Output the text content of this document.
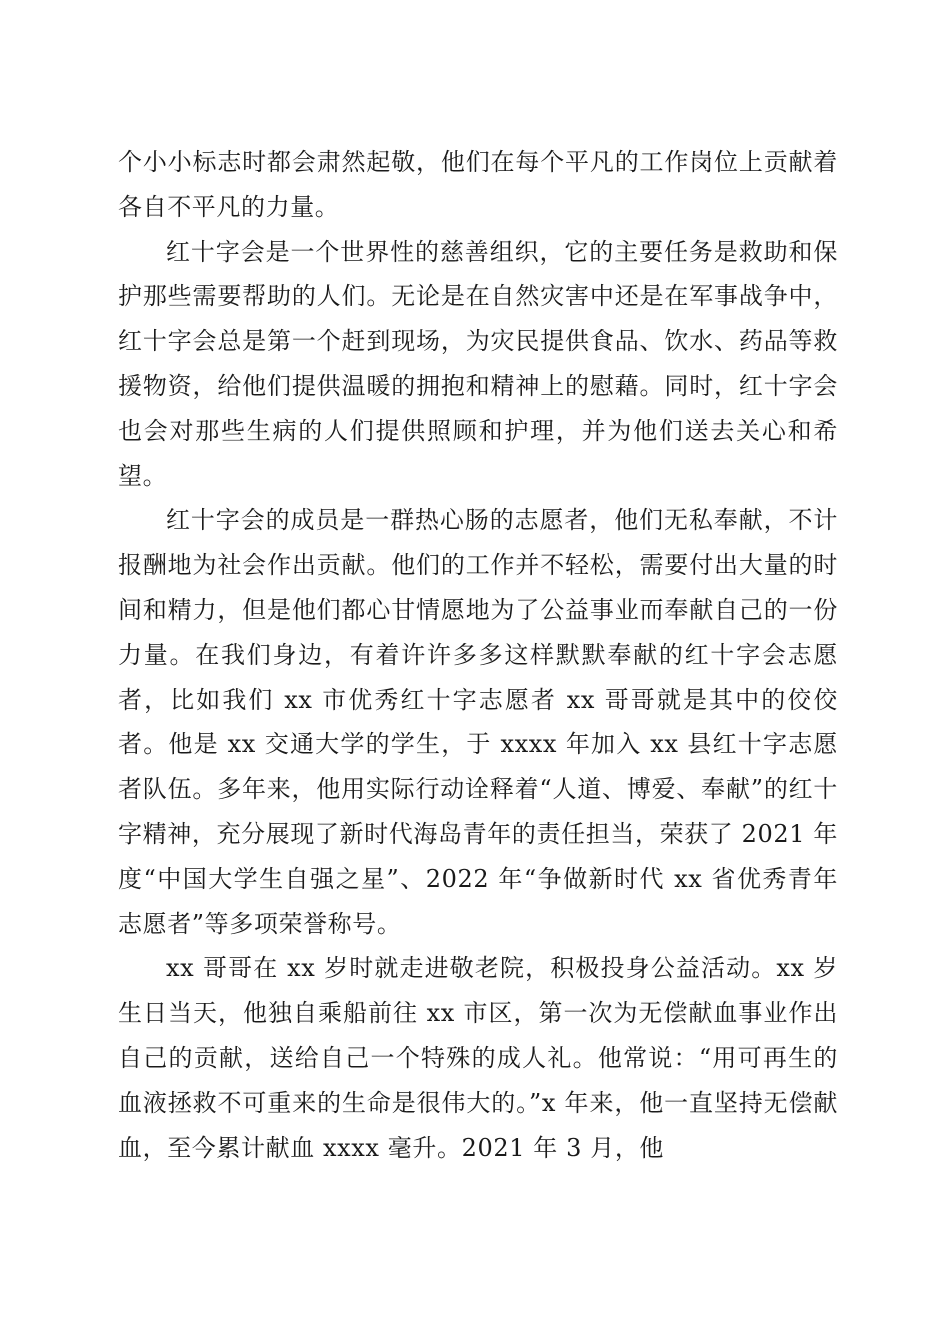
个小小标志时都会肃然起敬，他们在每个平凡的工作岗位上贡献着各自不平凡的力量。

红十字会是一个世界性的慈善组织，它的主要任务是救助和保护那些需要帮助的人们。无论是在自然灾害中还是在军事战争中，红十字会总是第一个赶到现场，为灾民提供食品、饮水、药品等救援物资，给他们提供温暖的拥抱和精神上的慰藉。同时，红十字会也会对那些生病的人们提供照顾和护理，并为他们送去关心和希望。

红十字会的成员是一群热心肠的志愿者，他们无私奉献，不计报酬地为社会作出贡献。他们的工作并不轻松，需要付出大量的时间和精力，但是他们都心甘情愿地为了公益事业而奉献自己的一份力量。在我们身边，有着许许多多这样默默奉献的红十字会志愿者，比如我们 xx 市优秀红十字志愿者 xx 哥哥就是其中的佼佼者。他是 xx 交通大学的学生，于 xxxx 年加入 xx 县红十字志愿者队伍。多年来，他用实际行动诠释着“人道、博爱、奉献”的红十字精神，充分展现了新时代海岛青年的责任担当，荣获了 2021 年度“中国大学生自强之星”、2022 年“争做新时代 xx 省优秀青年志愿者”等多项荣誉称号。

xx 哥哥在 xx 岁时就走进敬老院，积极投身公益活动。xx 岁生日当天，他独自乘船前往 xx 市区，第一次为无偿献血事业作出自己的贡献，送给自己一个特殊的成人礼。他常说：“用可再生的血液拯救不可重来的生命是很伟大的。”x 年来，他一直坚持无偿献血，至今累计献血 xxxx 毫升。2021 年 3 月，他
